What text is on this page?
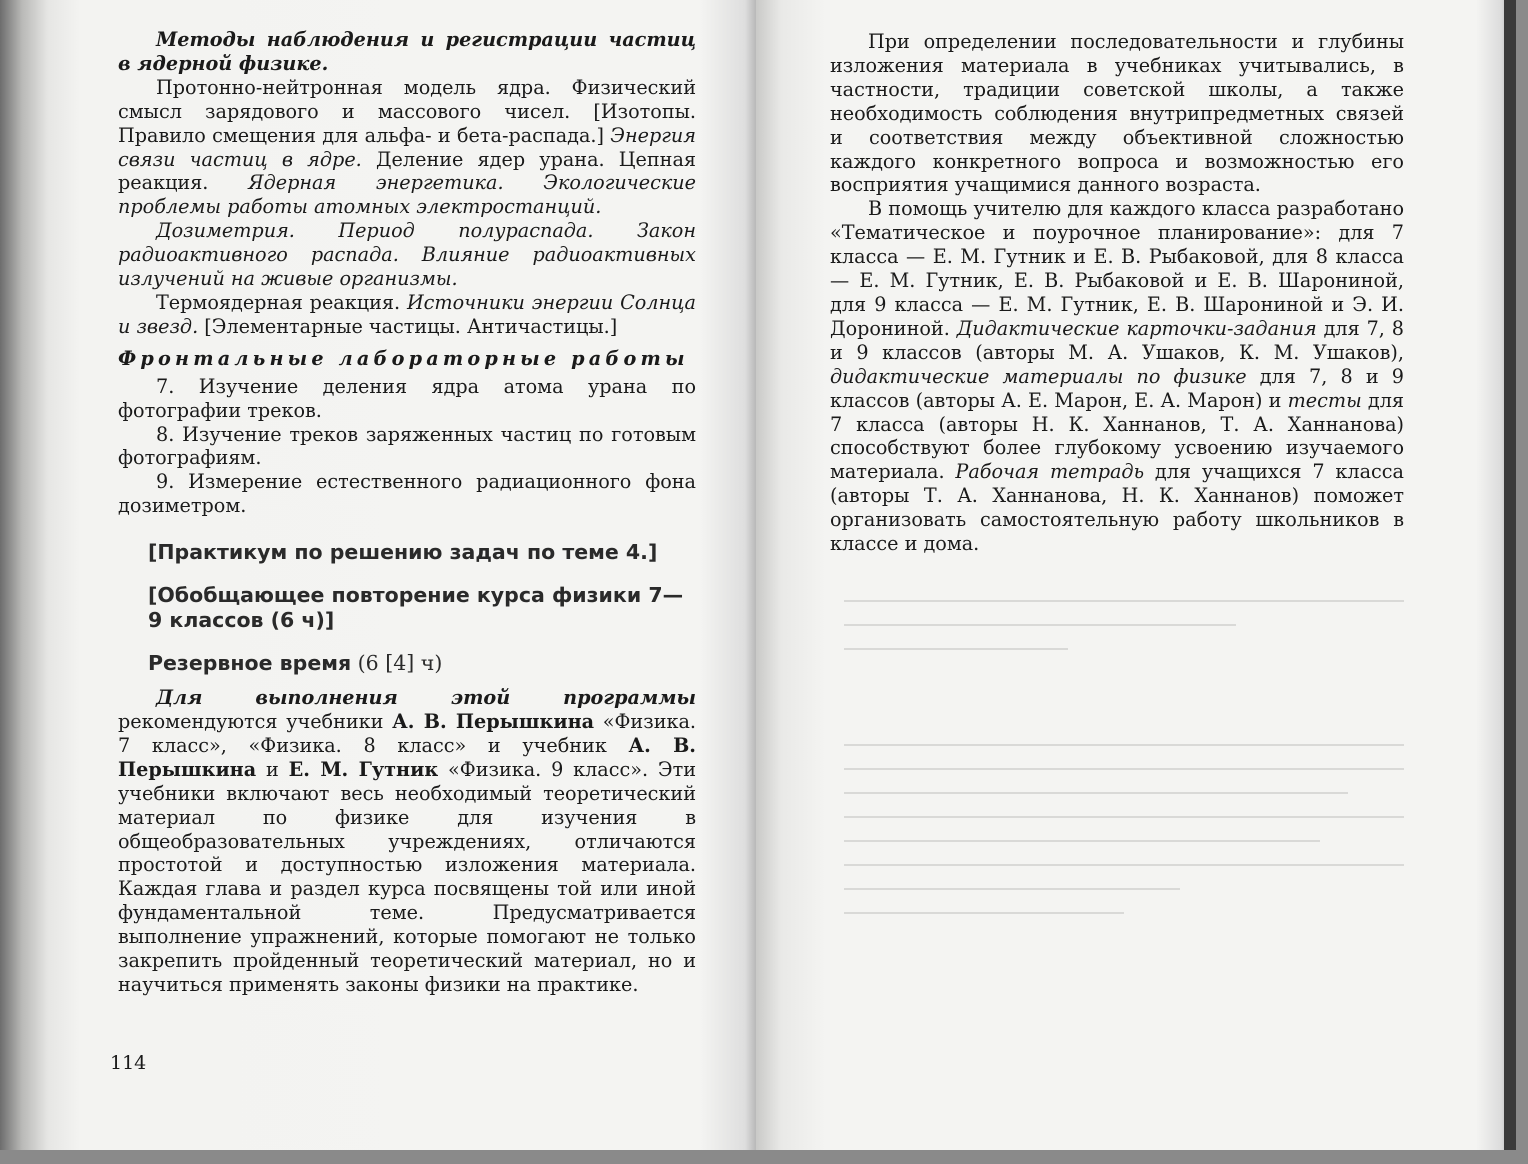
Методы наблюдения и регистрации частиц в ядерной физике.

Протонно-нейтронная модель ядра. Физический смысл зарядового и массового чисел. [Изотопы. Правило смещения для альфа- и бета-распада.] Энергия связи частиц в ядре. Деление ядер урана. Цепная реакция. Ядерная энергетика. Экологические проблемы работы атомных электростанций.

Дозиметрия. Период полураспада. Закон радиоактивного распада. Влияние радиоактивных излучений на живые организмы.

Термоядерная реакция. Источники энергии Солнца и звезд. [Элементарные частицы. Античастицы.]

Фронтальные лабораторные работы

7. Изучение деления ядра атома урана по фотографии треков.

8. Изучение треков заряженных частиц по готовым фотографиям.

9. Измерение естественного радиационного фона дозиметром.

[Практикум по решению задач по теме 4.]

[Обобщающее повторение курса физики 7—9 классов (6 ч)]

Резервное время (6 [4] ч)

Для выполнения этой программы рекомендуются учебники А. В. Перышкина «Физика. 7 класс», «Физика. 8 класс» и учебник А. В. Перышкина и Е. М. Гутник «Физика. 9 класс». Эти учебники включают весь необходимый теоретический материал по физике для изучения в общеобразовательных учреждениях, отличаются простотой и доступностью изложения материала. Каждая глава и раздел курса посвящены той или иной фундаментальной теме. Предусматривается выполнение упражнений, которые помогают не только закрепить пройденный теоретический материал, но и научиться применять законы физики на практике.

114

При определении последовательности и глубины изложения материала в учебниках учитывались, в частности, традиции советской школы, а также необходимость соблюдения внутрипредметных связей и соответствия между объективной сложностью каждого конкретного вопроса и возможностью его восприятия учащимися данного возраста.

В помощь учителю для каждого класса разработано «Тематическое и поурочное планирование»: для 7 класса — Е. М. Гутник и Е. В. Рыбаковой, для 8 класса — Е. М. Гутник, Е. В. Рыбаковой и Е. В. Шарониной, для 9 класса — Е. М. Гутник, Е. В. Шарониной и Э. И. Дорониной. Дидактические карточки-задания для 7, 8 и 9 классов (авторы М. А. Ушаков, К. М. Ушаков), дидактические материалы по физике для 7, 8 и 9 классов (авторы А. Е. Марон, Е. А. Марон) и тесты для 7 класса (авторы Н. К. Ханнанов, Т. А. Ханнанова) способствуют более глубокому усвоению изучаемого материала. Рабочая тетрадь для учащихся 7 класса (авторы Т. А. Ханнанова, Н. К. Ханнанов) поможет организовать самостоятельную работу школьников в классе и дома.
